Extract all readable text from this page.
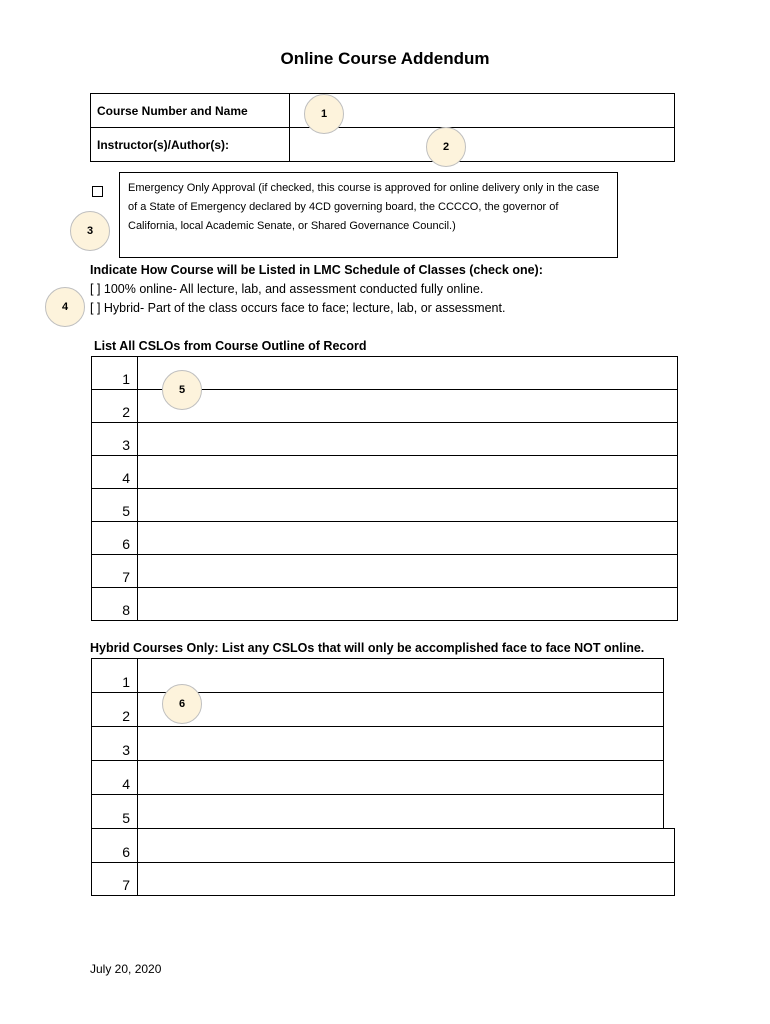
Online Course Addendum
Course Number and Name	
Instructor(s)/Author(s):	
1
2
3
Emergency Only Approval (if checked, this course is approved for online delivery only in the case of a State of Emergency declared by 4CD governing board, the CCCCO, the governor of California, local Academic Senate, or Shared Governance Council.)
Indicate How Course will be Listed in LMC Schedule of Classes (check one):
4
[ ] 100% online- All lecture, lab, and assessment conducted fully online.
[ ] Hybrid- Part of the class occurs face to face; lecture, lab, or assessment.
List All CSLOs from Course Outline of Record
1	
2	
3	
4	
5	
6	
7	
8	
5
Hybrid Courses Only: List any CSLOs that will only be accomplished face to face NOT online.
1	
2	
3	
4	
5	
6	
7	
6
July 20, 2020
